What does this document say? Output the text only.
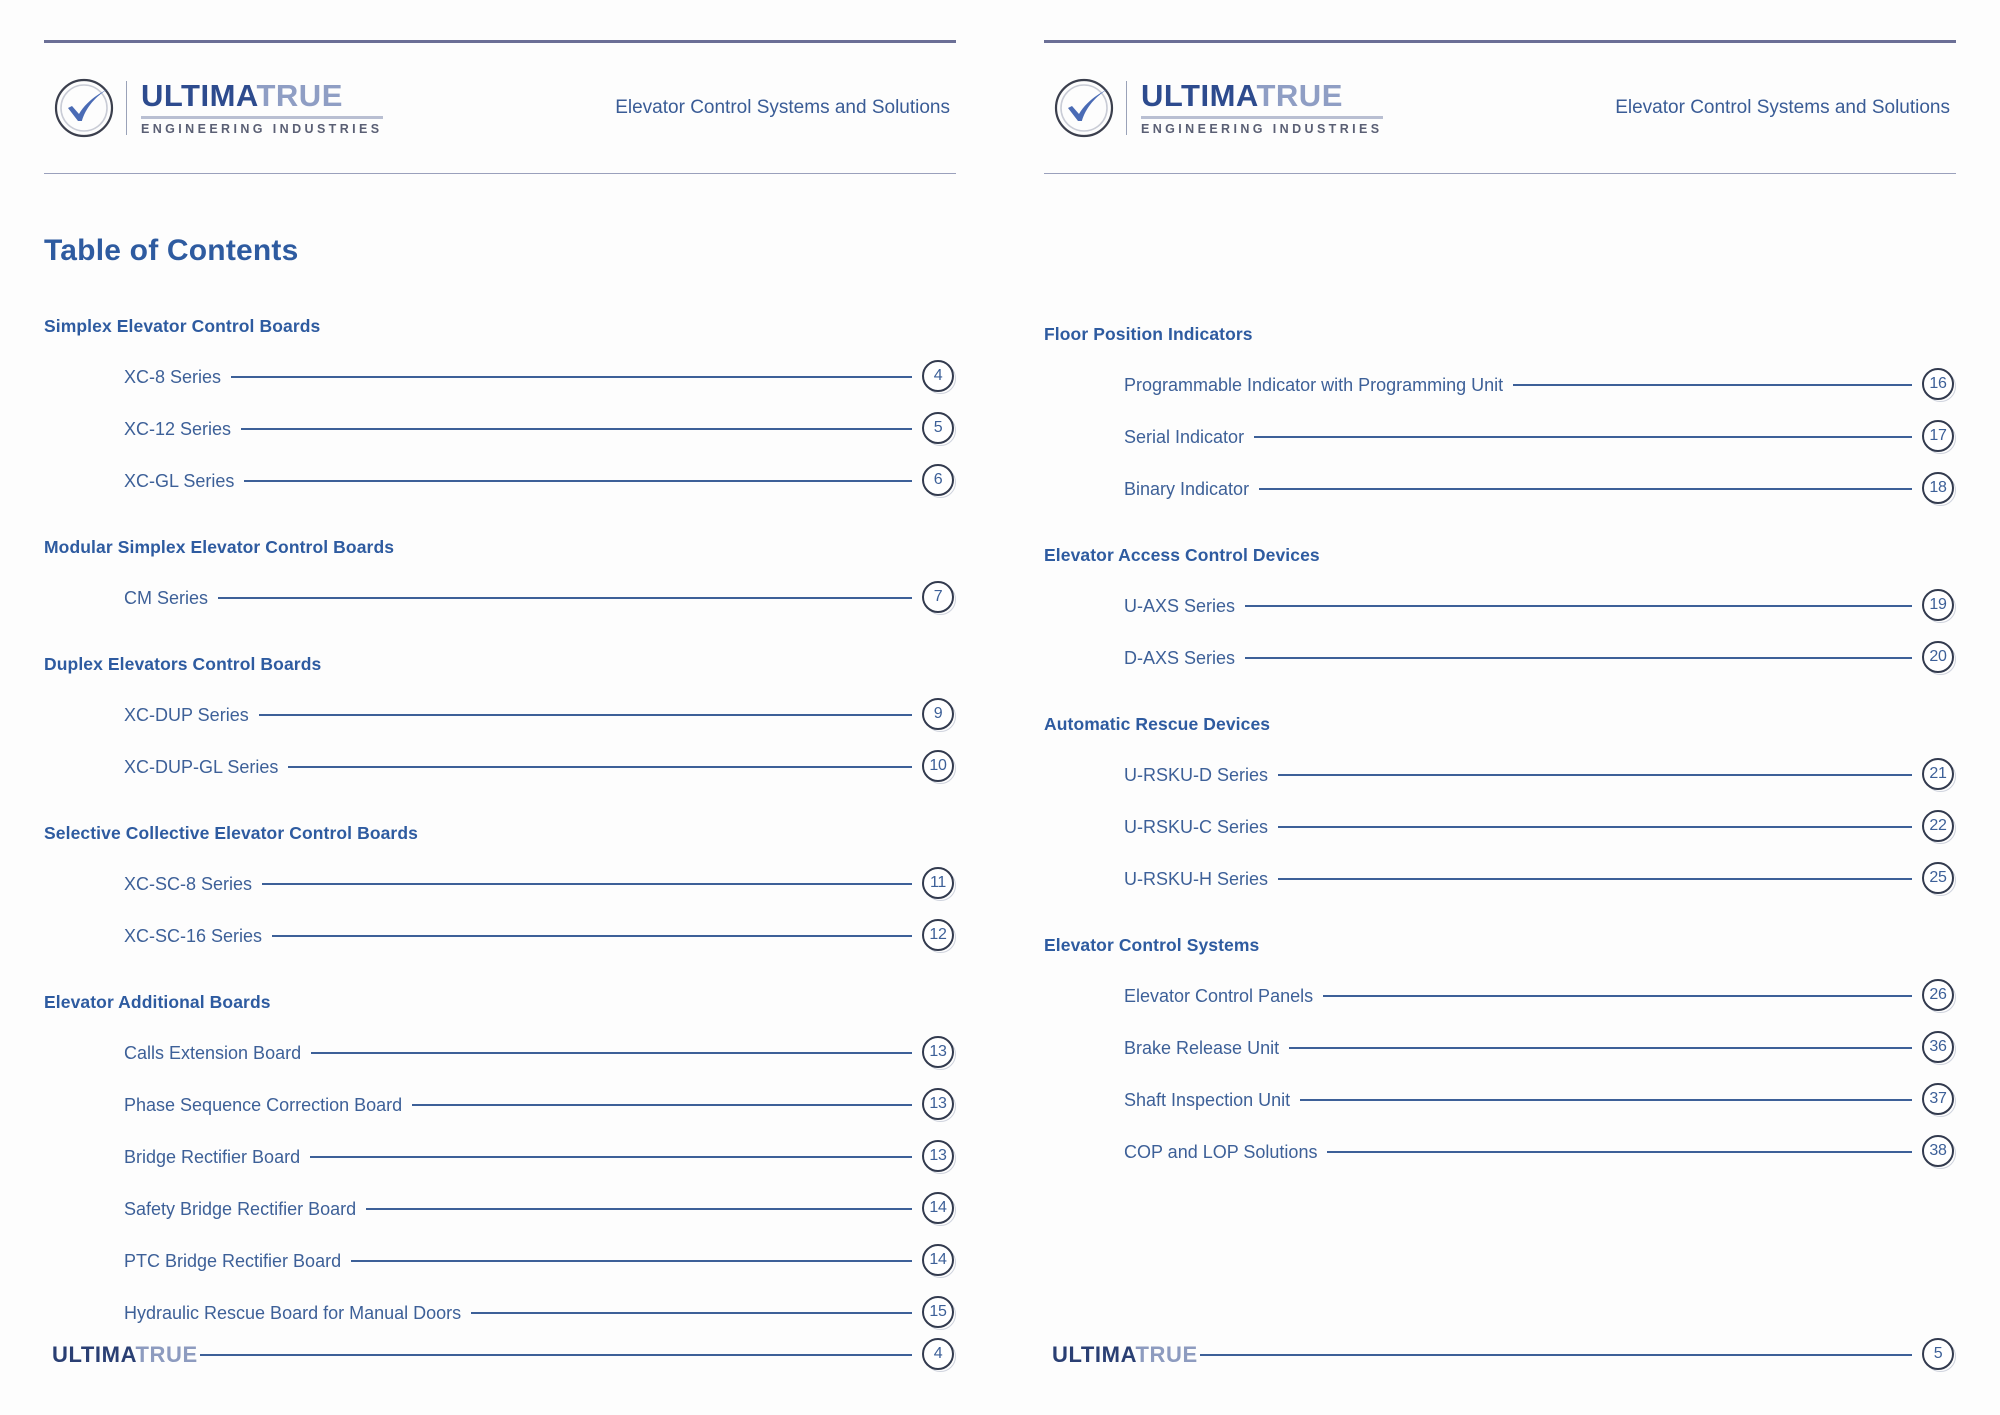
ULTIMATRUE
ENGINEERING INDUSTRIES
Elevator Control Systems and Solutions
Table of Contents
Simplex Elevator Control Boards
XC-8 Series	4
XC-12 Series	5
XC-GL Series	6
Modular Simplex Elevator Control Boards
CM Series	7
Duplex Elevators Control Boards
XC-DUP Series	9
XC-DUP-GL Series	10
Selective Collective Elevator Control Boards
XC-SC-8 Series	11
XC-SC-16 Series	12
Elevator Additional Boards
Calls Extension Board	13
Phase Sequence Correction Board	13
Bridge Rectifier Board	13
Safety Bridge Rectifier Board	14
PTC Bridge Rectifier Board	14
Hydraulic Rescue Board for Manual Doors	15
ULTIMATRUE	4
ULTIMATRUE
ENGINEERING INDUSTRIES
Elevator Control Systems and Solutions
Floor Position Indicators
Programmable Indicator with Programming Unit	16
Serial Indicator	17
Binary Indicator	18
Elevator Access Control Devices
U-AXS Series	19
D-AXS Series	20
Automatic Rescue Devices
U-RSKU-D Series	21
U-RSKU-C Series	22
U-RSKU-H Series	25
Elevator Control Systems
Elevator Control Panels	26
Brake Release Unit	36
Shaft Inspection Unit	37
COP and LOP Solutions	38
ULTIMATRUE	5
